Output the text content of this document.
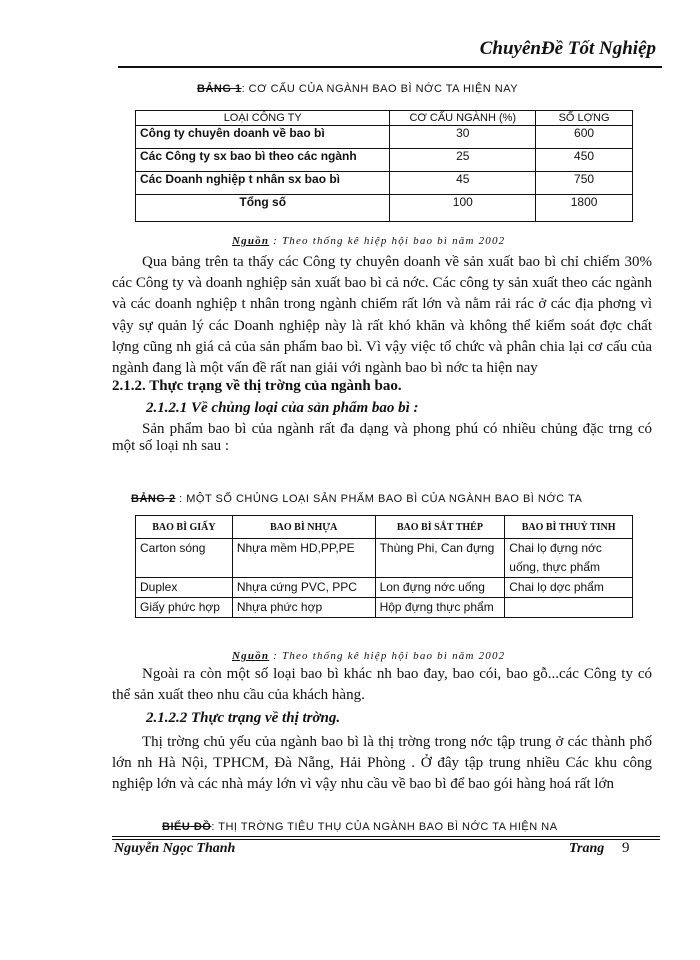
ChuyênĐề Tốt Nghiệp
BẢNG 1: CƠ CẤU CỦA NGÀNH BAO BÌ NỚC TA HIỆN NAY
LOẠI CÔNG TY	CƠ CẤU NGÀNH (%)	SỐ LỢNG
Công ty chuyên doanh về bao bì	30	600
Các Công ty sx bao bì theo các ngành	25	450
Các Doanh nghiệp t nhân sx bao bì	45	750
Tổng số	100	1800
Nguồn : Theo thống kê hiệp hội bao bì năm 2002

Qua bảng trên ta thấy các Công ty chuyên doanh về sản xuất bao bì chỉ chiếm 30% các Công ty và doanh nghiệp sản xuất bao bì cả nớc. Các công ty sản xuất theo các ngành và các doanh nghiệp t nhân trong ngành chiếm rất lớn và nằm rải rác ở các địa phơng vì vậy sự quản lý các Doanh nghiệp này là rất khó khăn và không thể kiểm soát đợc chất lợng cũng nh giá cả của sản phẩm bao bì. Vì vậy việc tổ chức và phân chia lại cơ cấu của ngành đang là một vấn đề rất nan giải với ngành bao bì nớc ta hiện nay

2.1.2. Thực trạng về thị trờng của ngành bao.
2.1.2.1 Về chủng loại của sản phẩm bao bì :

Sản phẩm bao bì của ngành rất đa dạng và phong phú có nhiều chủng đặc trng có một số loại nh sau :

BẢNG 2 : MỘT SỐ CHỦNG LOẠI SẢN PHẨM BAO BÌ CỦA NGÀNH BAO BÌ NỚC TA
BAO BÌ GIẤY	BAO BÌ NHỰA	BAO BÌ SẮT THÉP	BAO BÌ THUỶ TINH
Carton sóng	Nhựa mềm HD,PP,PE	Thùng Phi, Can đựng	Chai lọ đựng nớc uống, thực phẩm
Duplex	Nhựa cứng PVC, PPC	Lon đựng nớc uống	Chai lọ dợc phẩm
Giấy phức hợp	Nhựa phức hợp	Hộp đựng thực phẩm	
Nguồn : Theo thống kê hiệp hội bao bì năm 2002

Ngoài ra còn một số loại bao bì khác nh bao đay, bao cói, bao gỗ...các Công ty có thể sản xuất theo nhu cầu của khách hàng.

2.1.2.2 Thực trạng về thị trờng.

Thị trờng chủ yếu của ngành bao bì là thị trờng trong nớc tập trung ở các thành phố lớn nh Hà Nội, TPHCM, Đà Nẵng, Hải Phòng . Ở đây tập trung nhiều Các khu công nghiệp lớn và các nhà máy lớn vì vậy nhu cầu về bao bì để bao gói hàng hoá rất lớn

BIỂU ĐỒ: THỊ TRỜNG TIÊU THỤ CỦA NGÀNH BAO BÌ NỚC TA HIỆN NA
Nguyễn Ngọc Thanh	Trang 9
